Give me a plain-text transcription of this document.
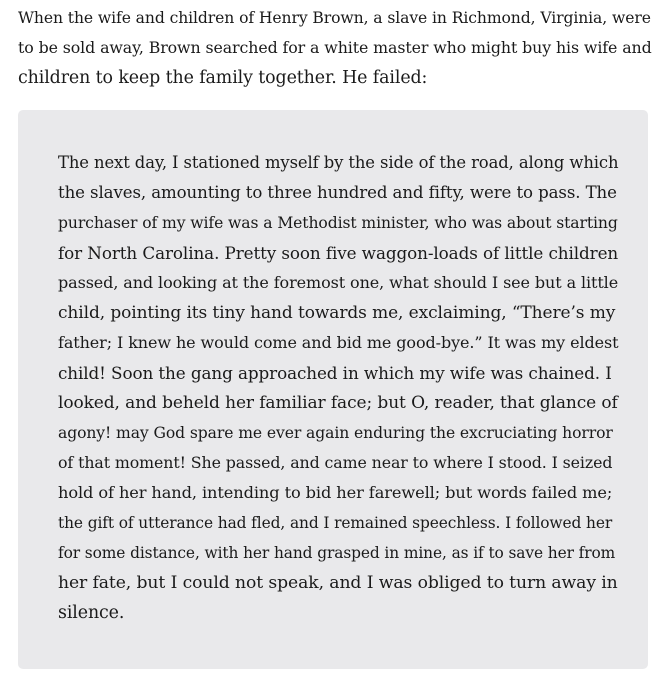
When the wife and children of Henry Brown, a slave in Richmond, Virginia, were
to be sold away, Brown searched for a white master who might buy his wife and
children to keep the family together. He failed:

The next day, I stationed myself by the side of the road, along which
the slaves, amounting to three hundred and fifty, were to pass. The
purchaser of my wife was a Methodist minister, who was about starting
for North Carolina. Pretty soon five waggon-loads of little children
passed, and looking at the foremost one, what should I see but a little
child, pointing its tiny hand towards me, exclaiming, “There’s my
father; I knew he would come and bid me good-bye.” It was my eldest
child! Soon the gang approached in which my wife was chained. I
looked, and beheld her familiar face; but O, reader, that glance of
agony! may God spare me ever again enduring the excruciating horror
of that moment! She passed, and came near to where I stood. I seized
hold of her hand, intending to bid her farewell; but words failed me;
the gift of utterance had fled, and I remained speechless. I followed her
for some distance, with her hand grasped in mine, as if to save her from
her fate, but I could not speak, and I was obliged to turn away in
silence.
